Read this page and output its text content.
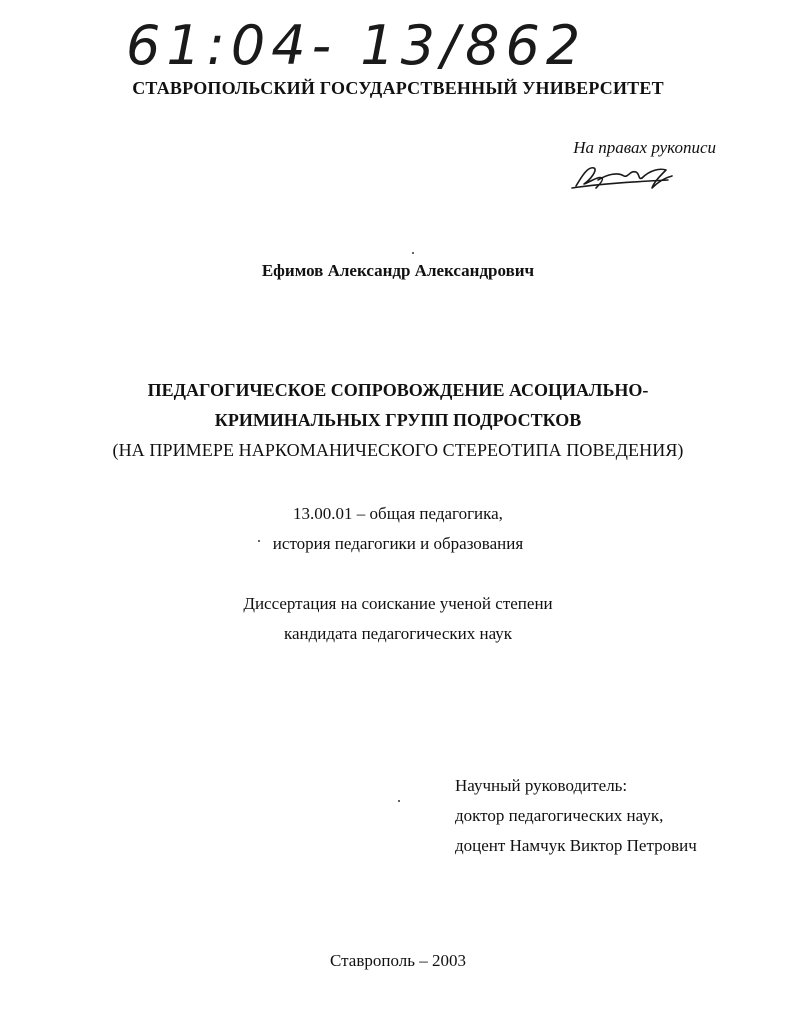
61:04- 13/862
СТАВРОПОЛЬСКИЙ ГОСУДАРСТВЕННЫЙ УНИВЕРСИТЕТ
На правах рукописи
Ефимов Александр Александрович
ПЕДАГОГИЧЕСКОЕ СОПРОВОЖДЕНИЕ АСОЦИАЛЬНО-
КРИМИНАЛЬНЫХ ГРУПП ПОДРОСТКОВ
(НА ПРИМЕРЕ НАРКОМАНИЧЕСКОГО СТЕРЕОТИПА ПОВЕДЕНИЯ)
13.00.01 – общая педагогика,
история педагогики и образования
Диссертация на соискание ученой степени
кандидата педагогических наук
Научный руководитель:
доктор педагогических наук,
доцент Намчук Виктор Петрович
Ставрополь – 2003
